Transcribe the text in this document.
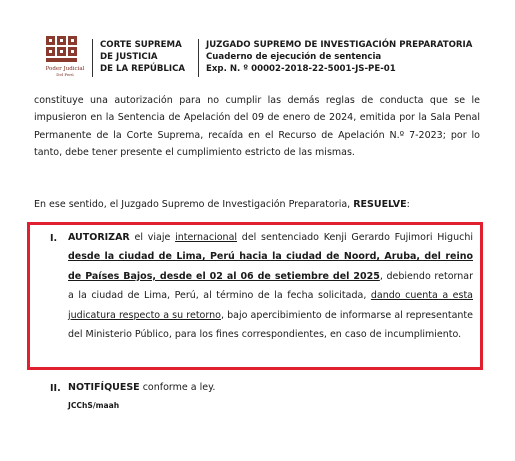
Poder Judicial
Del Perú
CORTE SUPREMA
DE JUSTICIA
DE LA REPÚBLICA
JUZGADO SUPREMO DE INVESTIGACIÓN PREPARATORIA
Cuaderno de ejecución de sentencia
Exp. N. º 00002-2018-22-5001-JS-PE-01
constituye una autorización para no cumplir las demás reglas de conducta que se le impusieron en la Sentencia de Apelación del 09 de enero de 2024, emitida por la Sala Penal Permanente de la Corte Suprema, recaída en el Recurso de Apelación N.º 7-2023; por lo tanto, debe tener presente el cumplimiento estricto de las mismas.
En ese sentido, el Juzgado Supremo de Investigación Preparatoria, RESUELVE:
I. AUTORIZAR el viaje internacional del sentenciado Kenji Gerardo Fujimori Higuchi desde la ciudad de Lima, Perú hacia la ciudad de Noord, Aruba, del reino de Países Bajos, desde el 02 al 06 de setiembre del 2025, debiendo retornar a la ciudad de Lima, Perú, al término de la fecha solicitada, dando cuenta a esta judicatura respecto a su retorno, bajo apercibimiento de informarse al representante del Ministerio Público, para los fines correspondientes, en caso de incumplimiento.
II. NOTIFÍQUESE conforme a ley.
JCChS/maah
